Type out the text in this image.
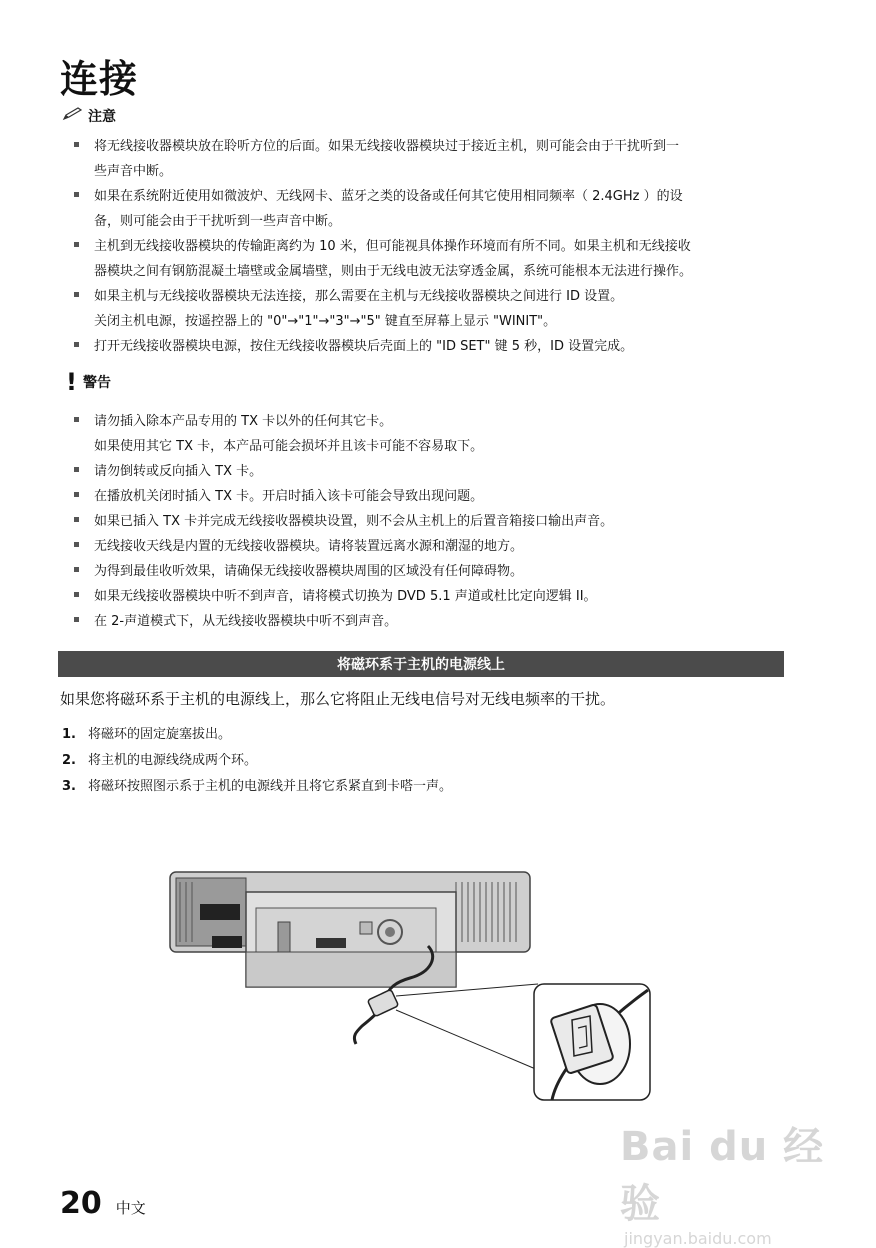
连接
注意
将无线接收器模块放在聆听方位的后面。如果无线接收器模块过于接近主机，则可能会由于干扰听到一
些声音中断。
如果在系统附近使用如微波炉、无线网卡、蓝牙之类的设备或任何其它使用相同频率（ 2.4GHz ）的设
备，则可能会由于干扰听到一些声音中断。
主机到无线接收器模块的传输距离约为 10 米，但可能视具体操作环境而有所不同。如果主机和无线接收
器模块之间有钢筋混凝土墙壁或金属墙壁，则由于无线电波无法穿透金属，系统可能根本无法进行操作。
如果主机与无线接收器模块无法连接，那么需要在主机与无线接收器模块之间进行 ID 设置。
关闭主机电源，按遥控器上的 "0"→"1"→"3"→"5" 键直至屏幕上显示 "WINIT"。
打开无线接收器模块电源，按住无线接收器模块后壳面上的 "ID SET" 键 5 秒，ID 设置完成。
! 警告
请勿插入除本产品专用的 TX 卡以外的任何其它卡。
如果使用其它 TX 卡，本产品可能会损坏并且该卡可能不容易取下。
请勿倒转或反向插入 TX 卡。
在播放机关闭时插入 TX 卡。开启时插入该卡可能会导致出现问题。
如果已插入 TX 卡并完成无线接收器模块设置，则不会从主机上的后置音箱接口输出声音。
无线接收天线是内置的无线接收器模块。请将装置远离水源和潮湿的地方。
为得到最佳收听效果，请确保无线接收器模块周围的区域没有任何障碍物。
如果无线接收器模块中听不到声音，请将模式切换为 DVD 5.1 声道或杜比定向逻辑 II。
在 2-声道模式下，从无线接收器模块中听不到声音。
将磁环系于主机的电源线上
如果您将磁环系于主机的电源线上，那么它将阻止无线电信号对无线电频率的干扰。
1. 将磁环的固定旋塞拔出。
2. 将主机的电源线绕成两个环。
3. 将磁环按照图示系于主机的电源线并且将它系紧直到卡嗒一声。
Bai du 经验
jingyan.baidu.com
20 中文
